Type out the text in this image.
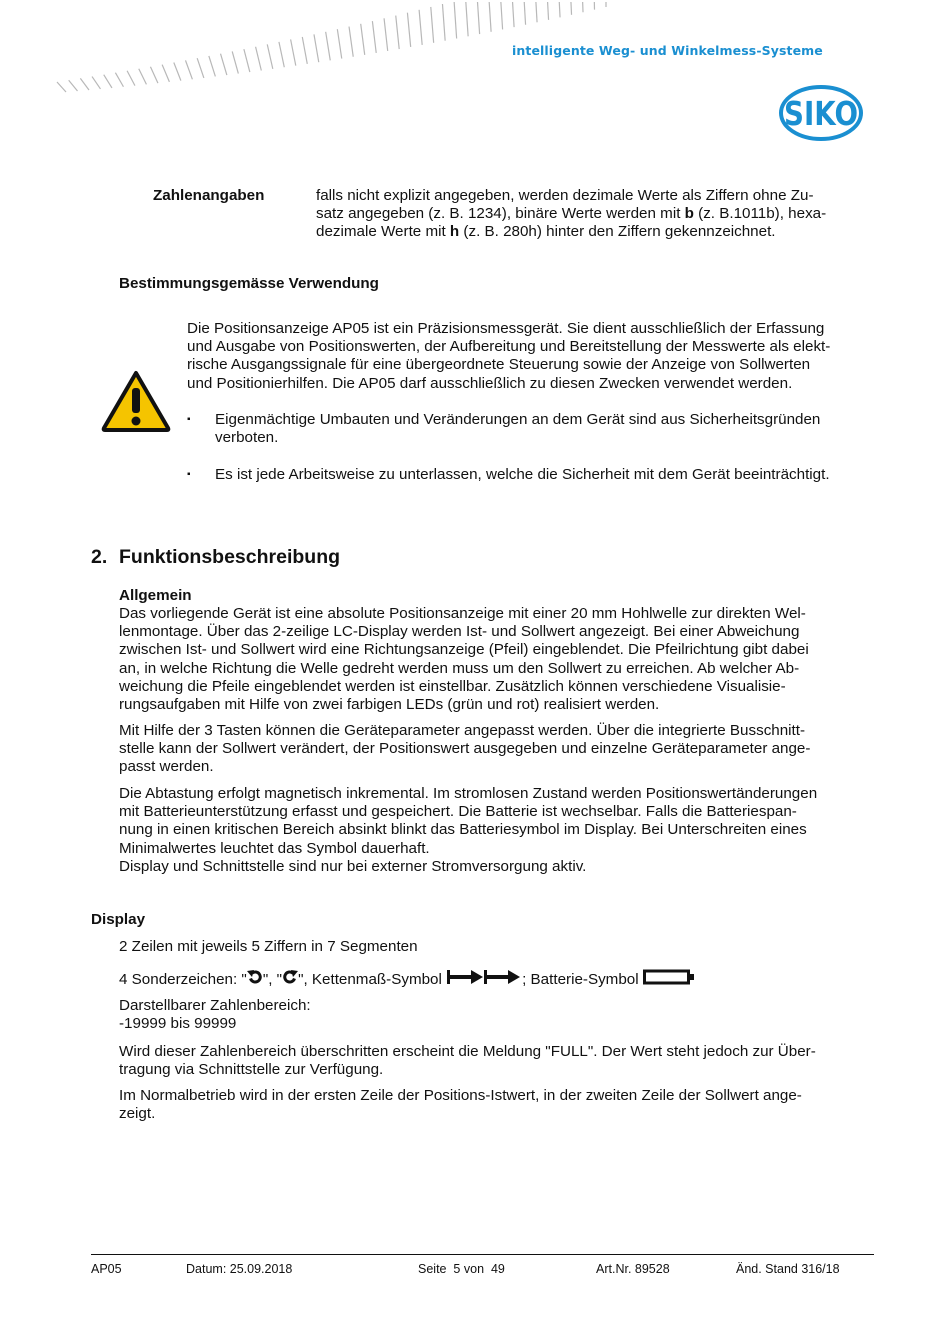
intelligente Weg- und Winkelmess-Systeme
SIKO
Zahlenangaben	falls nicht explizit angegeben, werden dezimale Werte als Ziffern ohne Zu-
satz angegeben (z. B. 1234), binäre Werte werden mit b (z. B.1011b), hexa-
dezimale Werte mit h (z. B. 280h) hinter den Ziffern gekennzeichnet.
Bestimmungsgemässe Verwendung
Die Positionsanzeige AP05 ist ein Präzisionsmessgerät. Sie dient ausschließlich der Erfassung
und Ausgabe von Positionswerten, der Aufbereitung und Bereitstellung der Messwerte als elekt-
rische Ausgangssignale für eine übergeordnete Steuerung sowie der Anzeige von Sollwerten
und Positionierhilfen. Die AP05 darf ausschließlich zu diesen Zwecken verwendet werden.
▪ Eigenmächtige Umbauten und Veränderungen an dem Gerät sind aus Sicherheitsgründen
verboten.
▪ Es ist jede Arbeitsweise zu unterlassen, welche die Sicherheit mit dem Gerät beeinträchtigt.
2. Funktionsbeschreibung
Allgemein
Das vorliegende Gerät ist eine absolute Positionsanzeige mit einer 20 mm Hohlwelle zur direkten Wel-
lenmontage. Über das 2-zeilige LC-Display werden Ist- und Sollwert angezeigt. Bei einer Abweichung
zwischen Ist- und Sollwert wird eine Richtungsanzeige (Pfeil) eingeblendet. Die Pfeilrichtung gibt dabei
an, in welche Richtung die Welle gedreht werden muss um den Sollwert zu erreichen. Ab welcher Ab-
weichung die Pfeile eingeblendet werden ist einstellbar. Zusätzlich können verschiedene Visualisie-
rungsaufgaben mit Hilfe von zwei farbigen LEDs (grün und rot) realisiert werden.
Mit Hilfe der 3 Tasten können die Geräteparameter angepasst werden. Über die integrierte Busschnitt-
stelle kann der Sollwert verändert, der Positionswert ausgegeben und einzelne Geräteparameter ange-
passt werden.
Die Abtastung erfolgt magnetisch inkremental. Im stromlosen Zustand werden Positionswertänderungen
mit Batterieunterstützung erfasst und gespeichert. Die Batterie ist wechselbar. Falls die Batteriespan-
nung in einen kritischen Bereich absinkt blinkt das Batteriesymbol im Display. Bei Unterschreiten eines
Minimalwertes leuchtet das Symbol dauerhaft.
Display und Schnittstelle sind nur bei externer Stromversorgung aktiv.
Display
2 Zeilen mit jeweils 5 Ziffern in 7 Segmenten
4 Sonderzeichen: " ", " ", Kettenmaß-Symbol	; Batterie-Symbol
Darstellbarer Zahlenbereich:
-19999 bis 99999
Wird dieser Zahlenbereich überschritten erscheint die Meldung "FULL". Der Wert steht jedoch zur Über-
tragung via Schnittstelle zur Verfügung.
Im Normalbetrieb wird in der ersten Zeile der Positions-Istwert, in der zweiten Zeile der Sollwert ange-
zeigt.
AP05	Datum: 25.09.2018	Seite  5 von  49	Art.Nr. 89528	Änd. Stand 316/18
